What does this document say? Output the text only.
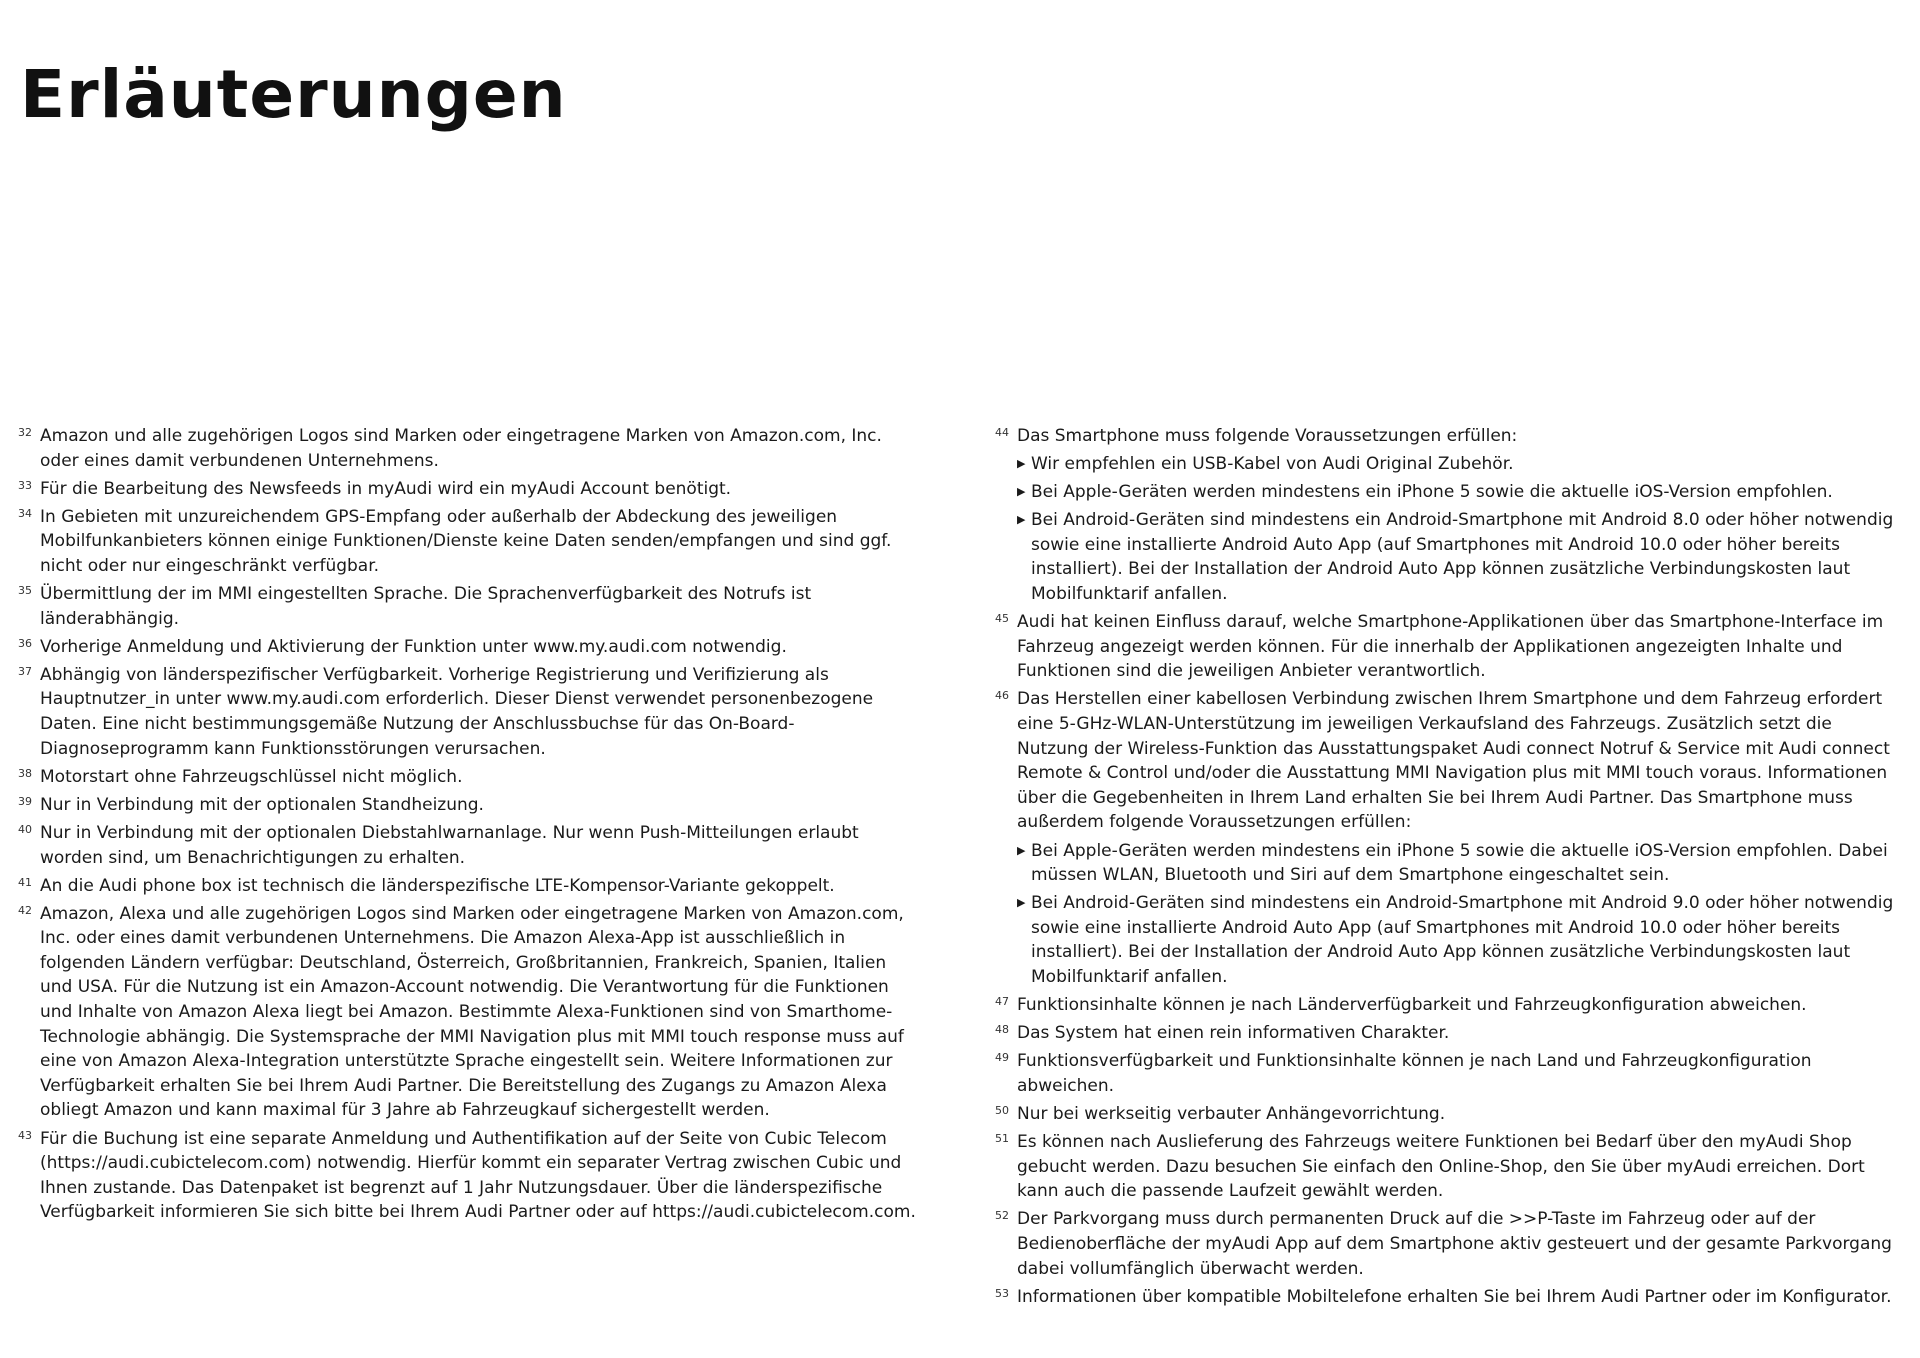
Erläuterungen
32 Amazon und alle zugehörigen Logos sind Marken oder eingetragene Marken von Amazon.com, Inc. oder eines damit verbundenen Unternehmens.
33 Für die Bearbeitung des Newsfeeds in myAudi wird ein myAudi Account benötigt.
34 In Gebieten mit unzureichendem GPS-Empfang oder außerhalb der Abdeckung des jeweiligen Mobilfunkanbieters können einige Funktionen/Dienste keine Daten senden/empfangen und sind ggf. nicht oder nur eingeschränkt verfügbar.
35 Übermittlung der im MMI eingestellten Sprache. Die Sprachenverfügbarkeit des Notrufs ist länderabhängig.
36 Vorherige Anmeldung und Aktivierung der Funktion unter www.my.audi.com notwendig.
37 Abhängig von länderspezifischer Verfügbarkeit. Vorherige Registrierung und Verifizierung als Hauptnutzer_in unter www.my.audi.com erforderlich. Dieser Dienst verwendet personenbezogene Daten. Eine nicht bestimmungsgemäße Nutzung der Anschlussbuchse für das On-Board-Diagnoseprogramm kann Funktionsstörungen verursachen.
38 Motorstart ohne Fahrzeugschlüssel nicht möglich.
39 Nur in Verbindung mit der optionalen Standheizung.
40 Nur in Verbindung mit der optionalen Diebstahlwarnanlage. Nur wenn Push-Mitteilungen erlaubt worden sind, um Benachrichtigungen zu erhalten.
41 An die Audi phone box ist technisch die länderspezifische LTE-Kompensor-Variante gekoppelt.
42 Amazon, Alexa und alle zugehörigen Logos sind Marken oder eingetragene Marken von Amazon.com, Inc. oder eines damit verbundenen Unternehmens. Die Amazon Alexa-App ist ausschließlich in folgenden Ländern verfügbar: Deutschland, Österreich, Großbritannien, Frankreich, Spanien, Italien und USA. Für die Nutzung ist ein Amazon-Account notwendig. Die Verantwortung für die Funktionen und Inhalte von Amazon Alexa liegt bei Amazon. Bestimmte Alexa-Funktionen sind von Smarthome-Technologie abhängig. Die Systemsprache der MMI Navigation plus mit MMI touch response muss auf eine von Amazon Alexa-Integration unterstützte Sprache eingestellt sein. Weitere Informationen zur Verfügbarkeit erhalten Sie bei Ihrem Audi Partner. Die Bereitstellung des Zugangs zu Amazon Alexa obliegt Amazon und kann maximal für 3 Jahre ab Fahrzeugkauf sichergestellt werden.
43 Für die Buchung ist eine separate Anmeldung und Authentifikation auf der Seite von Cubic Telecom (https://audi.cubictelecom.com) notwendig. Hierfür kommt ein separater Vertrag zwischen Cubic und Ihnen zustande. Das Datenpaket ist begrenzt auf 1 Jahr Nutzungsdauer. Über die länderspezifische Verfügbarkeit informieren Sie sich bitte bei Ihrem Audi Partner oder auf https://audi.cubictelecom.com.
44 Das Smartphone muss folgende Voraussetzungen erfüllen:
▶ Wir empfehlen ein USB-Kabel von Audi Original Zubehör.
▶ Bei Apple-Geräten werden mindestens ein iPhone 5 sowie die aktuelle iOS-Version empfohlen.
▶ Bei Android-Geräten sind mindestens ein Android-Smartphone mit Android 8.0 oder höher notwendig sowie eine installierte Android Auto App (auf Smartphones mit Android 10.0 oder höher bereits installiert). Bei der Installation der Android Auto App können zusätzliche Verbindungskosten laut Mobilfunktarif anfallen.
45 Audi hat keinen Einfluss darauf, welche Smartphone-Applikationen über das Smartphone-Interface im Fahrzeug angezeigt werden können. Für die innerhalb der Applikationen angezeigten Inhalte und Funktionen sind die jeweiligen Anbieter verantwortlich.
46 Das Herstellen einer kabellosen Verbindung zwischen Ihrem Smartphone und dem Fahrzeug erfordert eine 5-GHz-WLAN-Unterstützung im jeweiligen Verkaufsland des Fahrzeugs. Zusätzlich setzt die Nutzung der Wireless-Funktion das Ausstattungspaket Audi connect Notruf & Service mit Audi connect Remote & Control und/oder die Ausstattung MMI Navigation plus mit MMI touch voraus. Informationen über die Gegebenheiten in Ihrem Land erhalten Sie bei Ihrem Audi Partner. Das Smartphone muss außerdem folgende Voraussetzungen erfüllen:
▶ Bei Apple-Geräten werden mindestens ein iPhone 5 sowie die aktuelle iOS-Version empfohlen. Dabei müssen WLAN, Bluetooth und Siri auf dem Smartphone eingeschaltet sein.
▶ Bei Android-Geräten sind mindestens ein Android-Smartphone mit Android 9.0 oder höher notwendig sowie eine installierte Android Auto App (auf Smartphones mit Android 10.0 oder höher bereits installiert). Bei der Installation der Android Auto App können zusätzliche Verbindungskosten laut Mobilfunktarif anfallen.
47 Funktionsinhalte können je nach Länderverfügbarkeit und Fahrzeugkonfiguration abweichen.
48 Das System hat einen rein informativen Charakter.
49 Funktionsverfügbarkeit und Funktionsinhalte können je nach Land und Fahrzeugkonfiguration abweichen.
50 Nur bei werkseitig verbauter Anhängevorrichtung.
51 Es können nach Auslieferung des Fahrzeugs weitere Funktionen bei Bedarf über den myAudi Shop gebucht werden. Dazu besuchen Sie einfach den Online-Shop, den Sie über myAudi erreichen. Dort kann auch die passende Laufzeit gewählt werden.
52 Der Parkvorgang muss durch permanenten Druck auf die >>P-Taste im Fahrzeug oder auf der Bedienoberfläche der myAudi App auf dem Smartphone aktiv gesteuert und der gesamte Parkvorgang dabei vollumfänglich überwacht werden.
53 Informationen über kompatible Mobiltelefone erhalten Sie bei Ihrem Audi Partner oder im Konfigurator.
